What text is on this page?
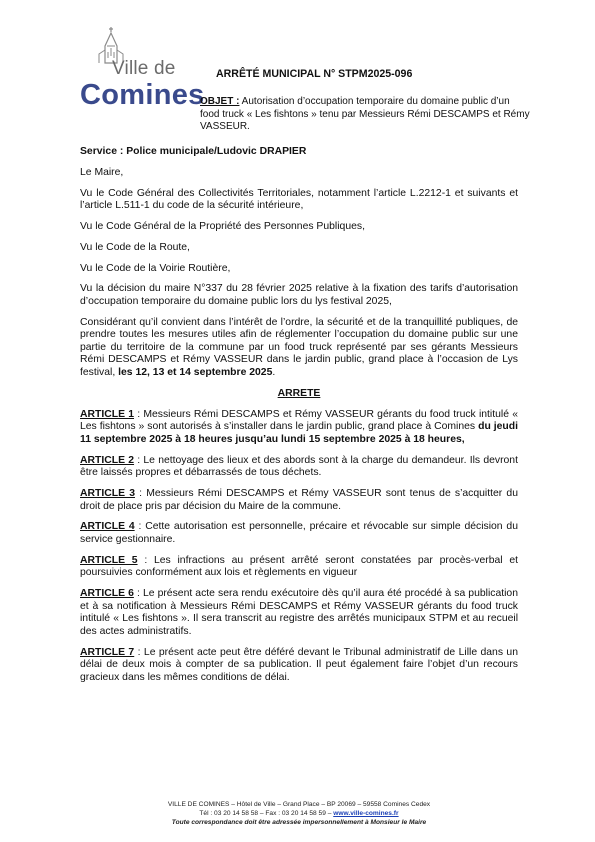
Ville de
Comines
ARRÊTÉ MUNICIPAL N° STPM2025-096
OBJET : Autorisation d’occupation temporaire du domaine public d’un food truck « Les fishtons » tenu par Messieurs Rémi DESCAMPS et Rémy VASSEUR.

Service : Police municipale/Ludovic DRAPIER

Le Maire,

Vu le Code Général des Collectivités Territoriales, notamment l’article L.2212-1 et suivants et l’article L.511-1 du code de la sécurité intérieure,

Vu le Code Général de la Propriété des Personnes Publiques,

Vu le Code de la Route,

Vu le Code de la Voirie Routière,

Vu la décision du maire N°337 du 28 février 2025 relative à la fixation des tarifs d’autorisation d’occupation temporaire du domaine public lors du lys festival 2025,

Considérant qu’il convient dans l’intérêt de l’ordre, la sécurité et de la tranquillité publiques, de prendre toutes les mesures utiles afin de réglementer l’occupation du domaine public sur une partie du territoire de la commune par un food truck représenté par ses gérants Messieurs Rémi DESCAMPS et Rémy VASSEUR dans le jardin public, grand place à l’occasion de Lys festival, les 12, 13 et 14 septembre 2025.

ARRETE

ARTICLE 1 : Messieurs Rémi DESCAMPS et Rémy VASSEUR gérants du food truck intitulé « Les fishtons » sont autorisés à s’installer dans le jardin public, grand place à Comines du jeudi 11 septembre 2025 à 18 heures jusqu’au lundi 15 septembre 2025 à 18 heures,

ARTICLE 2 : Le nettoyage des lieux et des abords sont à la charge du demandeur. Ils devront être laissés propres et débarrassés de tous déchets.

ARTICLE 3 : Messieurs Rémi DESCAMPS et Rémy VASSEUR sont tenus de s’acquitter du droit de place pris par décision du Maire de la commune.

ARTICLE 4 : Cette autorisation est personnelle, précaire et révocable sur simple décision du service gestionnaire.

ARTICLE 5 : Les infractions au présent arrêté seront constatées par procès-verbal et poursuivies conformément aux lois et règlements en vigueur

ARTICLE 6 : Le présent acte sera rendu exécutoire dès qu’il aura été procédé à sa publication et à sa notification à Messieurs Rémi DESCAMPS et Rémy VASSEUR gérants du food truck intitulé « Les fishtons ». Il sera transcrit au registre des arrêtés municipaux STPM et au recueil des actes administratifs.

ARTICLE 7 : Le présent acte peut être déféré devant le Tribunal administratif de Lille dans un délai de deux mois à compter de sa publication. Il peut également faire l’objet d’un recours gracieux dans les mêmes conditions de délai.

VILLE DE COMINES – Hôtel de Ville – Grand Place – BP 20069 – 59558 Comines Cedex
Tél : 03 20 14 58 58 – Fax : 03 20 14 58 59 – www.ville-comines.fr
Toute correspondance doit être adressée impersonnellement à Monsieur le Maire
